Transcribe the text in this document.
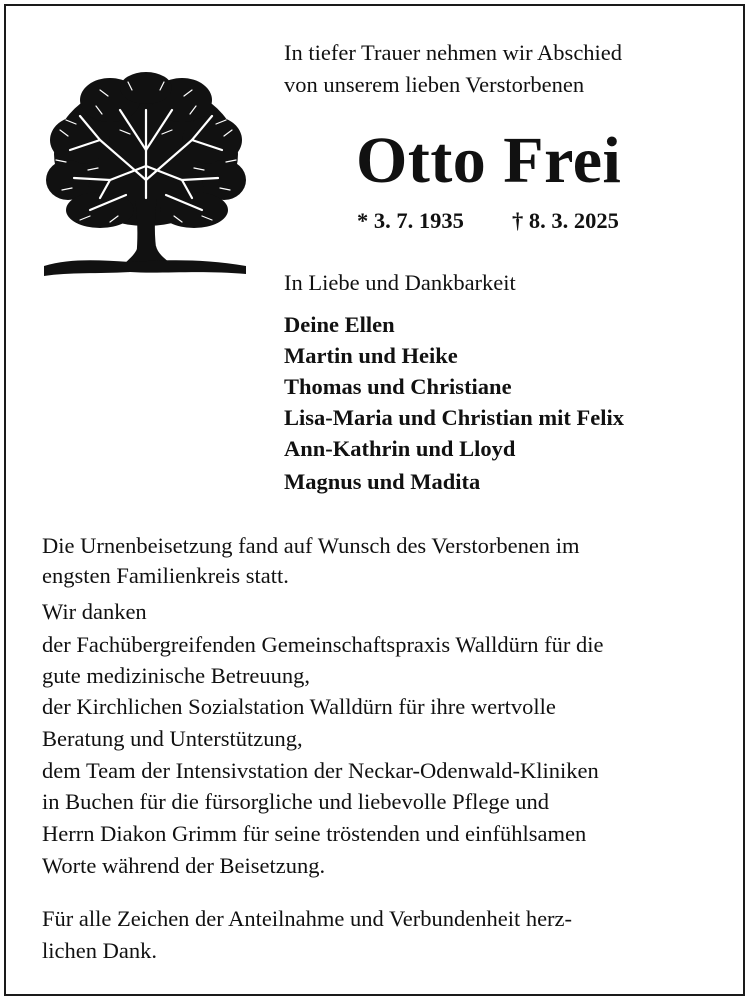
In tiefer Trauer nehmen wir Abschied
von unserem lieben Verstorbenen
Otto Frei
* 3. 7. 1935 † 8. 3. 2025
In Liebe und Dankbarkeit
Deine Ellen
Martin und Heike
Thomas und Christiane
Lisa-Maria und Christian mit Felix
Ann-Kathrin und Lloyd
Magnus und Madita
Die Urnenbeisetzung fand auf Wunsch des Verstorbenen im
engsten Familienkreis statt.
Wir danken
der Fachübergreifenden Gemeinschaftspraxis Walldürn für die
gute medizinische Betreuung,
der Kirchlichen Sozialstation Walldürn für ihre wertvolle
Beratung und Unterstützung,
dem Team der Intensivstation der Neckar-Odenwald-Kliniken
in Buchen für die fürsorgliche und liebevolle Pflege und
Herrn Diakon Grimm für seine tröstenden und einfühlsamen
Worte während der Beisetzung.
Für alle Zeichen der Anteilnahme und Verbundenheit herz-
lichen Dank.
